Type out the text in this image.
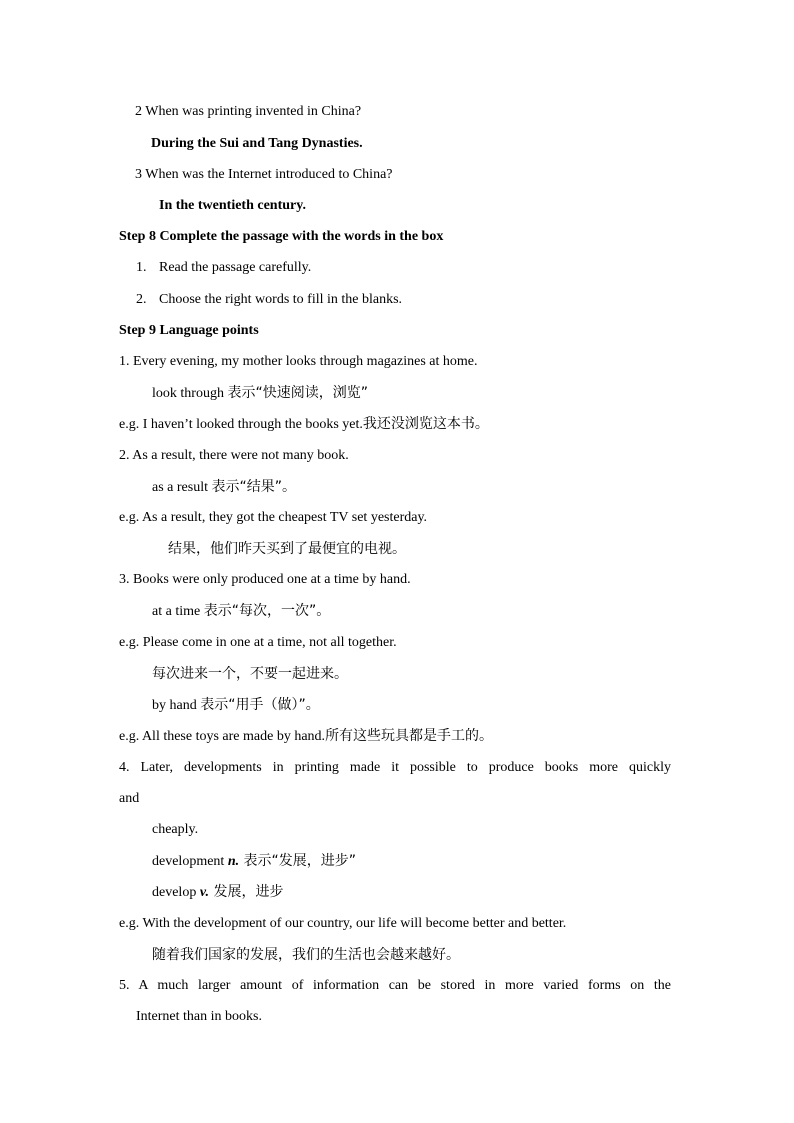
2 When was printing invented in China?
During the Sui and Tang Dynasties.
3 When was the Internet introduced to China?
In the twentieth century.
Step 8 Complete the passage with the words in the box
1. Read the passage carefully.
2. Choose the right words to fill in the blanks.
Step 9 Language points
1. Every evening, my mother looks through magazines at home.
look through 表示“快速阅读，浏览”
e.g. I haven’t looked through the books yet.我还没浏览这本书。
2. As a result, there were not many book.
as a result 表示“结果”。
e.g. As a result, they got the cheapest TV set yesterday.
结果，他们昨天买到了最便宜的电视。
3. Books were only produced one at a time by hand.
at a time 表示“每次，一次”。
e.g. Please come in one at a time, not all together.
每次进来一个，不要一起进来。
by hand 表示“用手（做）”。
e.g. All these toys are made by hand.所有这些玩具都是手工的。
4. Later, developments in printing made it possible to produce books more quickly
and
cheaply.
development n. 表示“发展，进步”
develop v. 发展，进步
e.g. With the development of our country, our life will become better and better.
随着我们国家的发展，我们的生活也会越来越好。
5. A much larger amount of information can be stored in more varied forms on the
Internet than in books.
